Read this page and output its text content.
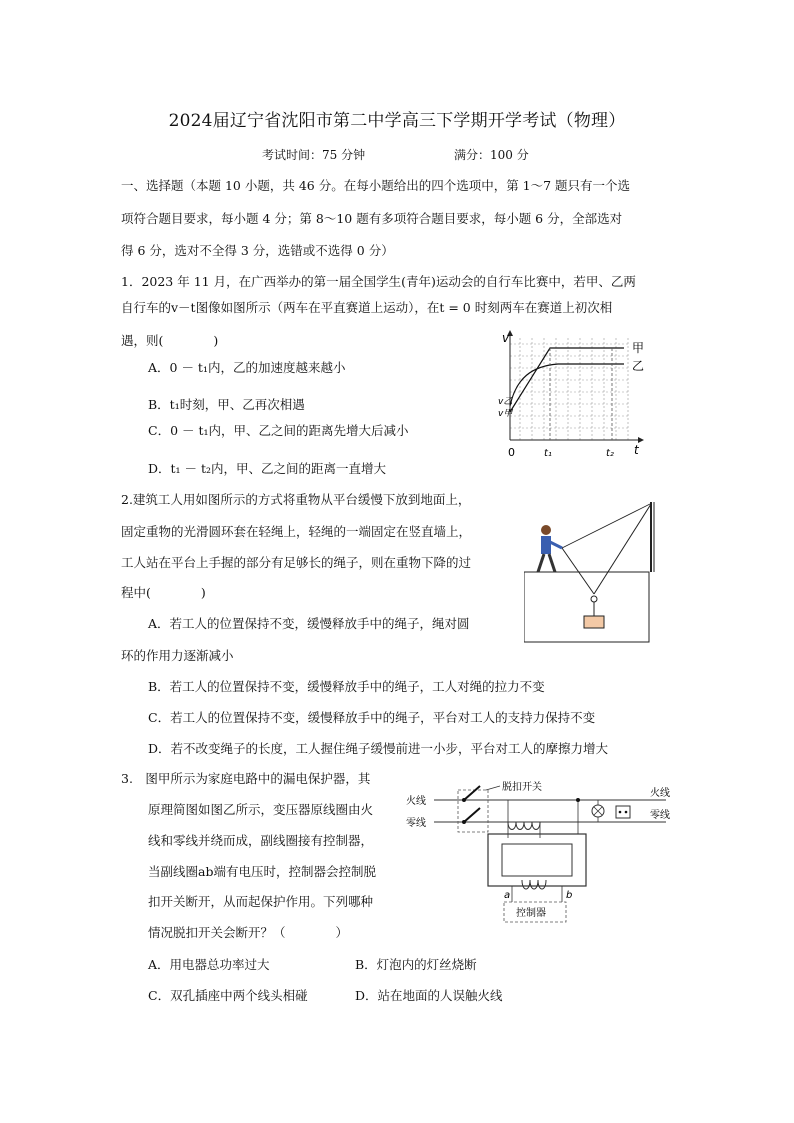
2024届辽宁省沈阳市第二中学高三下学期开学考试（物理）
考试时间：75 分钟	满分：100 分
一、选择题（本题 10 小题，共 46 分。在每小题给出的四个选项中，第 1～7 题只有一个选
项符合题目要求，每小题 4 分；第 8～10 题有多项符合题目要求，每小题 6 分，全部选对
得 6 分，选对不全得 3 分，选错或不选得 0 分）
1．2023 年 11 月，在广西举办的第一届全国学生(青年)运动会的自行车比赛中，若甲、乙两
自行车的v－t图像如图所示（两车在平直赛道上运动），在t = 0 时刻两车在赛道上初次相
遇，则(　　　　)
A．0 － t₁内，乙的加速度越来越小
B．t₁时刻，甲、乙再次相遇
C．0 － t₁内，甲、乙之间的距离先增大后减小
D．t₁ － t₂内，甲、乙之间的距离一直增大
v
t
0	t₁	t₂
v乙
v甲
甲
乙
2.建筑工人用如图所示的方式将重物从平台缓慢下放到地面上，
固定重物的光滑圆环套在轻绳上，轻绳的一端固定在竖直墙上，
工人站在平台上手握的部分有足够长的绳子，则在重物下降的过
程中(　　　　)
A．若工人的位置保持不变，缓慢释放手中的绳子，绳对圆
环的作用力逐渐减小
B．若工人的位置保持不变，缓慢释放手中的绳子，工人对绳的拉力不变
C．若工人的位置保持不变，缓慢释放手中的绳子，平台对工人的支持力保持不变
D．若不改变绳子的长度，工人握住绳子缓慢前进一小步，平台对工人的摩擦力增大
3.　图甲所示为家庭电路中的漏电保护器，其
原理简图如图乙所示，变压器原线圈由火
线和零线并绕而成，副线圈接有控制器，
当副线圈ab端有电压时，控制器会控制脱
扣开关断开，从而起保护作用。下列哪种
情况脱扣开关会断开？（　　　　）
A．用电器总功率过大	B．灯泡内的灯丝烧断
C．双孔插座中两个线头相碰	D．站在地面的人误触火线
火线
零线
脱扣开关
a	b
控制器
火线
零线
